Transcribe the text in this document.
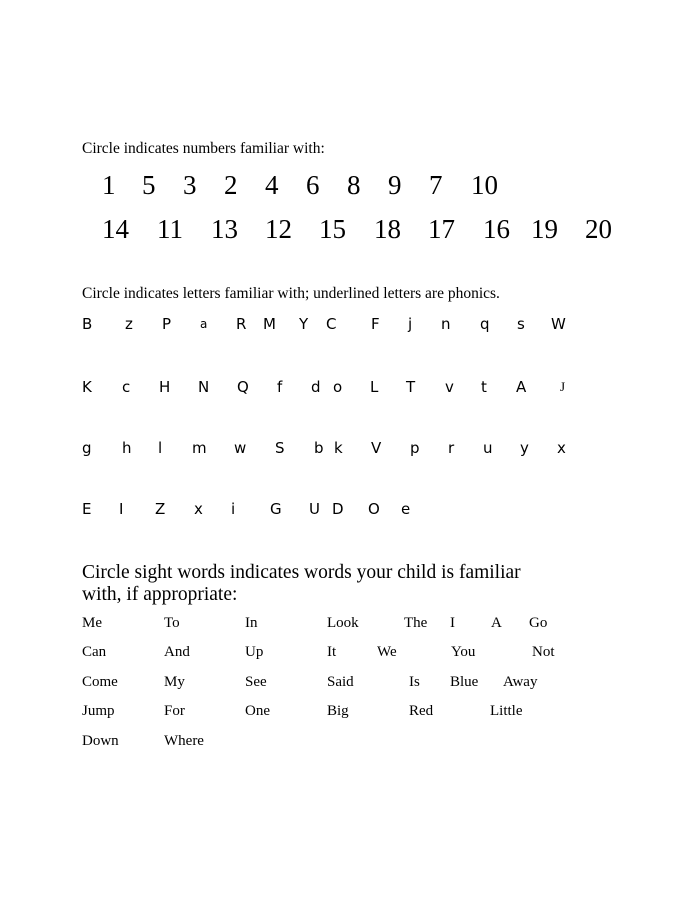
Circle indicates numbers familiar with:
1 5 3 2 4 6 8 9 7 10
14 11 13 12 15 18 17 16 19 20
Circle indicates letters familiar with; underlined letters are phonics.
B z P a R M Y C F j n q s W
K c H N Q f d o L T v t A	J
g h l m w S b k V p r u y x
E I Z x i G U D O e
Circle sight words indicates words your child is familiar with, if appropriate:
Me	To	In	Look	The I A Go
Can	And	Up	It	We	You	Not
Come	My	See	Said	Is Blue Away
Jump	For	One	Big	Red	Little
Down	Where
